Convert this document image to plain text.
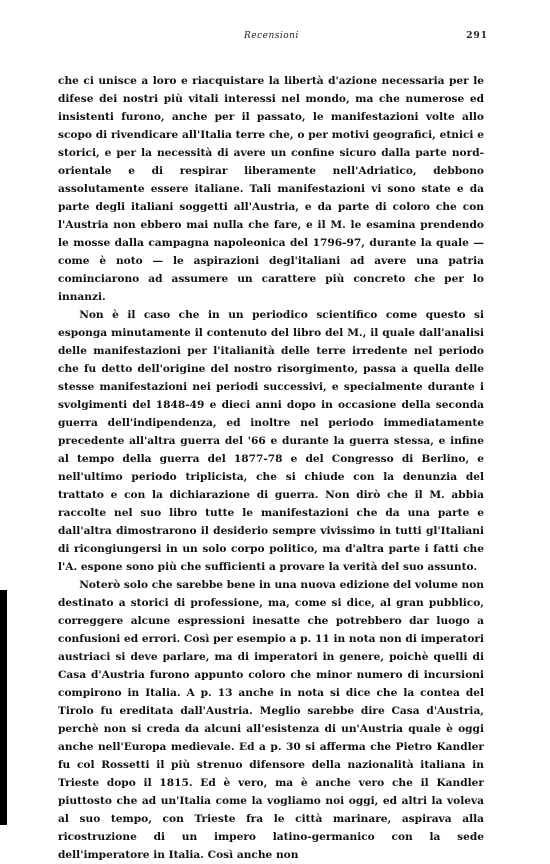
Recensioni	291

che ci unisce a loro e riacquistare la libertà d'azione necessaria per le difese dei nostri più vitali interessi nel mondo, ma che numerose ed insistenti furono, anche per il passato, le manifestazioni volte allo scopo di rivendicare all'Italia terre che, o per motivi geografici, etnici e storici, e per la necessità di avere un confine sicuro dalla parte nord-orientale e di respirar liberamente nell'Adriatico, debbono assolutamente essere italiane. Tali manifestazioni vi sono state e da parte degli italiani soggetti all'Austria, e da parte di coloro che con l'Austria non ebbero mai nulla che fare, e il M. le esamina prendendo le mosse dalla campagna napoleonica del 1796-97, durante la quale — come è noto — le aspirazioni degl'italiani ad avere una patria cominciarono ad assumere un carattere più concreto che per lo innanzi.

  Non è il caso che in un periodico scientifico come questo si esponga minutamente il contenuto del libro del M., il quale dall'analisi delle manifestazioni per l'italianità delle terre irredente nel periodo che fu detto dell'origine del nostro risorgimento, passa a quella delle stesse manifestazioni nei periodi successivi, e specialmente durante i svolgimenti del 1848-49 e dieci anni dopo in occasione della seconda guerra dell'indipendenza, ed inoltre nel periodo immediatamente precedente all'altra guerra del '66 e durante la guerra stessa, e infine al tempo della guerra del 1877-78 e del Congresso di Berlino, e nell'ultimo periodo triplicista, che si chiude con la denunzia del trattato e con la dichiarazione di guerra. Non dirò che il M. abbia raccolte nel suo libro tutte le manifestazioni che da una parte e dall'altra dimostrarono il desiderio sempre vivissimo in tutti gl'Italiani di ricongiungersi in un solo corpo politico, ma d'altra parte i fatti che l'A. espone sono più che sufficienti a provare la verità del suo assunto.

  Noterò solo che sarebbe bene in una nuova edizione del volume non destinato a storici di professione, ma, come si dice, al gran pubblico, correggere alcune espressioni inesatte che potrebbero dar luogo a confusioni ed errori. Così per esempio a p. 11 in nota non di imperatori austriaci si deve parlare, ma di imperatori in genere, poichè quelli di Casa d'Austria furono appunto coloro che minor numero di incursioni compirono in Italia. A p. 13 anche in nota si dice che la contea del Tirolo fu ereditata dall'Austria. Meglio sarebbe dire Casa d'Austria, perchè non si creda da alcuni all'esistenza di un'Austria quale è oggi anche nell'Europa medievale. Ed a p. 30 si afferma che Pietro Kandler fu col Rossetti il più strenuo difensore della nazionalità italiana in Trieste dopo il 1815. Ed è vero, ma è anche vero che il Kandler piuttosto che ad un'Italia come la vogliamo noi oggi, ed altri la voleva al suo tempo, con Trieste fra le città marinare, aspirava alla ricostruzione di un impero latino-germanico con la sede dell'imperatore in Italia. Così anche non
